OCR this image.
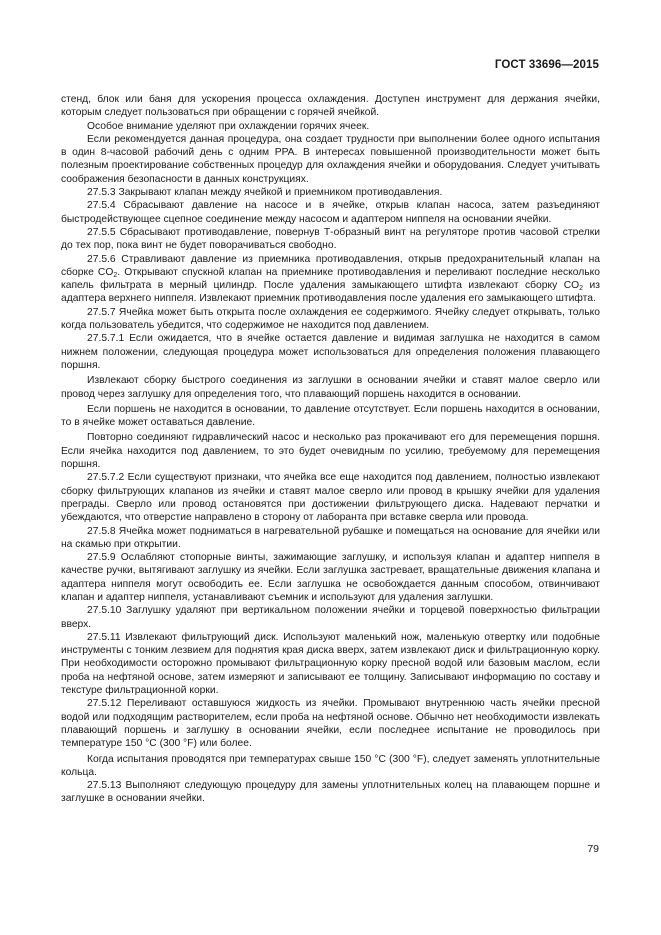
ГОСТ 33696—2015

стенд, блок или баня для ускорения процесса охлаждения. Доступен инструмент для держания ячейки, которым следует пользоваться при обращении с горячей ячейкой.

Особое внимание уделяют при охлаждении горячих ячеек.

Если рекомендуется данная процедура, она создает трудности при выполнении более одного испытания в один 8-часовой рабочий день с одним PPA. В интересах повышенной производительности может быть полезным проектирование собственных процедур для охлаждения ячейки и оборудования. Следует учитывать соображения безопасности в данных конструкциях.

27.5.3 Закрывают клапан между ячейкой и приемником противодавления.

27.5.4 Сбрасывают давление на насосе и в ячейке, открыв клапан насоса, затем разъединяют быстродействующее сцепное соединение между насосом и адаптером ниппеля на основании ячейки.

27.5.5 Сбрасывают противодавление, повернув Т-образный винт на регуляторе против часовой стрелки до тех пор, пока винт не будет поворачиваться свободно.

27.5.6 Стравливают давление из приемника противодавления, открыв предохранительный клапан на сборке $CO_2$. Открывают спускной клапан на приемнике противодавления и переливают последние несколько капель фильтрата в мерный цилиндр. После удаления замыкающего штифта извлекают сборку $CO_2$ из адаптера верхнего ниппеля. Извлекают приемник противодавления после удаления его замыкающего штифта.

27.5.7 Ячейка может быть открыта после охлаждения ее содержимого. Ячейку следует открывать, только когда пользователь убедится, что содержимое не находится под давлением.

27.5.7.1 Если ожидается, что в ячейке остается давление и видимая заглушка не находится в самом нижнем положении, следующая процедура может использоваться для определения положения плавающего поршня.

Извлекают сборку быстрого соединения из заглушки в основании ячейки и ставят малое сверло или провод через заглушку для определения того, что плавающий поршень находится в основании.

Если поршень не находится в основании, то давление отсутствует. Если поршень находится в основании, то в ячейке может оставаться давление.

Повторно соединяют гидравлический насос и несколько раз прокачивают его для перемещения поршня. Если ячейка находится под давлением, то это будет очевидным по усилию, требуемому для перемещения поршня.

27.5.7.2 Если существуют признаки, что ячейка все еще находится под давлением, полностью извлекают сборку фильтрующих клапанов из ячейки и ставят малое сверло или провод в крышку ячейки для удаления преграды. Сверло или провод остановятся при достижении фильтрующего диска. Надевают перчатки и убеждаются, что отверстие направлено в сторону от лаборанта при вставке сверла или провода.

27.5.8 Ячейка может подниматься в нагревательной рубашке и помещаться на основание для ячейки или на скамью при открытии.

27.5.9 Ослабляют стопорные винты, зажимающие заглушку, и используя клапан и адаптер ниппеля в качестве ручки, вытягивают заглушку из ячейки. Если заглушка застревает, вращательные движения клапана и адаптера ниппеля могут освободить ее. Если заглушка не освобождается данным способом, отвинчивают клапан и адаптер ниппеля, устанавливают съемник и используют для удаления заглушки.

27.5.10 Заглушку удаляют при вертикальном положении ячейки и торцевой поверхностью фильтрации вверх.

27.5.11 Извлекают фильтрующий диск. Используют маленький нож, маленькую отвертку или подобные инструменты с тонким лезвием для поднятия края диска вверх, затем извлекают диск и фильтрационную корку. При необходимости осторожно промывают фильтрационную корку пресной водой или базовым маслом, если проба на нефтяной основе, затем измеряют и записывают ее толщину. Записывают информацию по составу и текстуре фильтрационной корки.

27.5.12 Переливают оставшуюся жидкость из ячейки. Промывают внутреннюю часть ячейки пресной водой или подходящим растворителем, если проба на нефтяной основе. Обычно нет необходимости извлекать плавающий поршень и заглушку в основании ячейки, если последнее испытание не проводилось при температуре 150 °С (300 °F) или более.

Когда испытания проводятся при температурах свыше 150 °С (300 °F), следует заменять уплотнительные кольца.

27.5.13 Выполняют следующую процедуру для замены уплотнительных колец на плавающем поршне и заглушке в основании ячейки.

79
